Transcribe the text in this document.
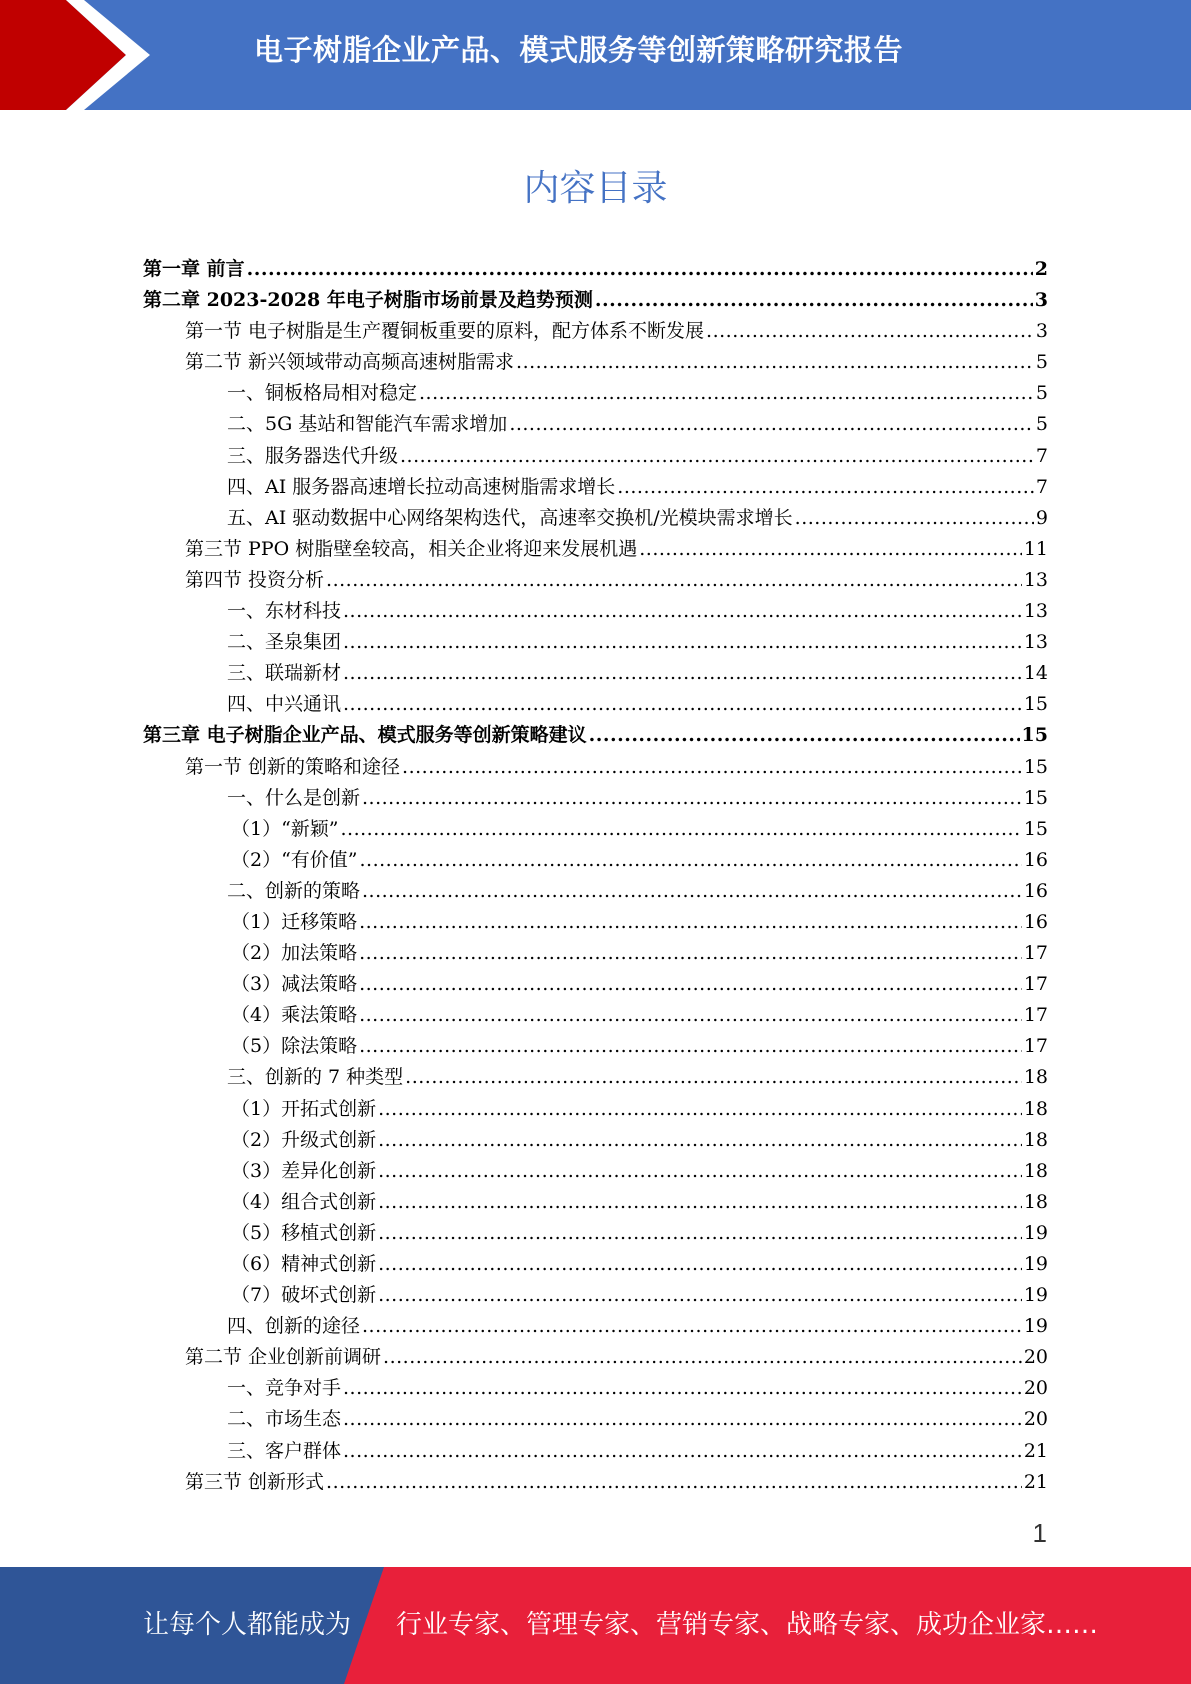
电子树脂企业产品、模式服务等创新策略研究报告
内容目录
第一章 前言 .....	2
第二章 2023-2028 年电子树脂市场前景及趋势预测 .....	3
第一节 电子树脂是生产覆铜板重要的原料，配方体系不断发展 .....	3
第二节 新兴领域带动高频高速树脂需求 .....	5
一、铜板格局相对稳定 .....	5
二、5G 基站和智能汽车需求增加 .....	5
三、服务器迭代升级 .....	7
四、AI 服务器高速增长拉动高速树脂需求增长 .....	7
五、AI 驱动数据中心网络架构迭代，高速率交换机/光模块需求增长 .....	9
第三节 PPO 树脂壁垒较高，相关企业将迎来发展机遇 .....	11
第四节 投资分析 .....	13
一、东材科技 .....	13
二、圣泉集团 .....	13
三、联瑞新材 .....	14
四、中兴通讯 .....	15
第三章 电子树脂企业产品、模式服务等创新策略建议 .....	15
第一节 创新的策略和途径 .....	15
一、什么是创新 .....	15
（1）“新颖” .....	15
（2）“有价值” .....	16
二、创新的策略 .....	16
（1）迁移策略 .....	16
（2）加法策略 .....	17
（3）减法策略 .....	17
（4）乘法策略 .....	17
（5）除法策略 .....	17
三、创新的 7 种类型 .....	18
（1）开拓式创新 .....	18
（2）升级式创新 .....	18
（3）差异化创新 .....	18
（4）组合式创新 .....	18
（5）移植式创新 .....	19
（6）精神式创新 .....	19
（7）破坏式创新 .....	19
四、创新的途径 .....	19
第二节 企业创新前调研 .....	20
一、竞争对手 .....	20
二、市场生态 .....	20
三、客户群体 .....	21
第三节 创新形式 .....	21
1
让每个人都能成为 行业专家、管理专家、营销专家、战略专家、成功企业家……
